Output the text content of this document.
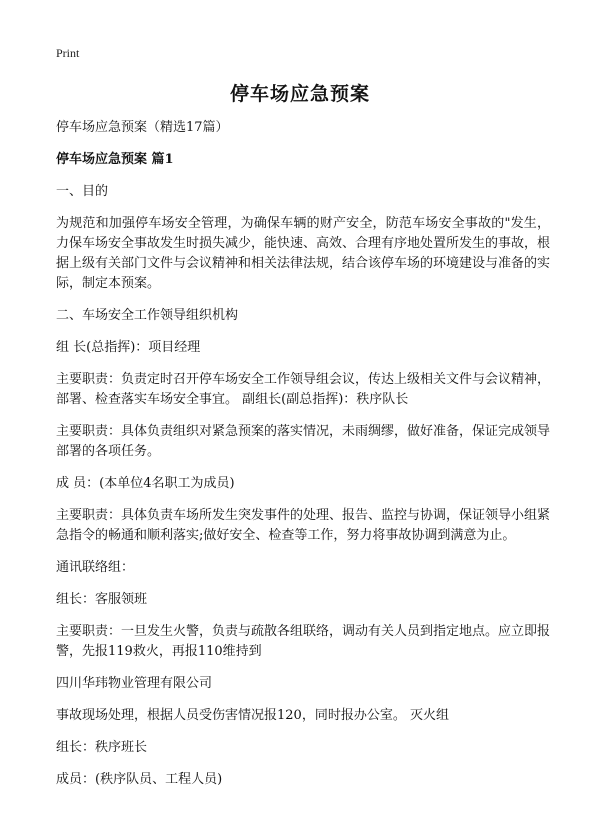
Print
停车场应急预案

停车场应急预案（精选17篇）

停车场应急预案 篇1

一、目的

为规范和加强停车场安全管理，为确保车辆的财产安全，防范车场安全事故的"发生，力保车场安全事故发生时损失减少，能快速、高效、合理有序地处置所发生的事故，根据上级有关部门文件与会议精神和相关法律法规，结合该停车场的环境建设与准备的实际，制定本预案。

二、车场安全工作领导组织机构

组 长(总指挥)：项目经理

主要职责：负责定时召开停车场安全工作领导组会议，传达上级相关文件与会议精神，部署、检查落实车场安全事宜。 副组长(副总指挥)：秩序队长

主要职责：具体负责组织对紧急预案的落实情况，未雨绸缪，做好准备，保证完成领导部署的各项任务。

成 员：(本单位4名职工为成员)

主要职责：具体负责车场所发生突发事件的处理、报告、监控与协调，保证领导小组紧急指令的畅通和顺利落实;做好安全、检查等工作，努力将事故协调到满意为止。

通讯联络组：

组长：客服领班

主要职责：一旦发生火警，负责与疏散各组联络，调动有关人员到指定地点。应立即报警，先报119救火，再报110维持到

四川华玮物业管理有限公司

事故现场处理，根据人员受伤害情况报120，同时报办公室。 灭火组

组长：秩序班长

成员：(秩序队员、工程人员)
